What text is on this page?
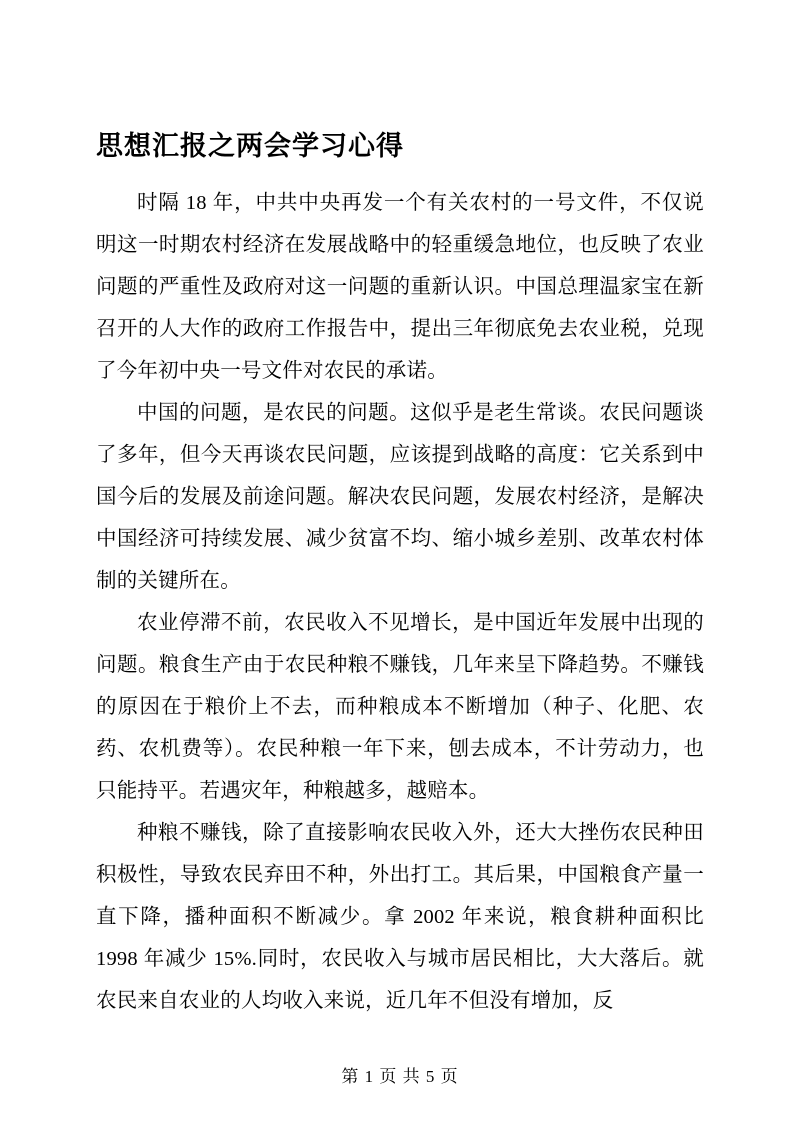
思想汇报之两会学习心得

时隔 18 年，中共中央再发一个有关农村的一号文件，不仅说明这一时期农村经济在发展战略中的轻重缓急地位，也反映了农业问题的严重性及政府对这一问题的重新认识。中国总理温家宝在新召开的人大作的政府工作报告中，提出三年彻底免去农业税，兑现了今年初中央一号文件对农民的承诺。

中国的问题，是农民的问题。这似乎是老生常谈。农民问题谈了多年，但今天再谈农民问题，应该提到战略的高度：它关系到中国今后的发展及前途问题。解决农民问题，发展农村经济，是解决中国经济可持续发展、减少贫富不均、缩小城乡差别、改革农村体制的关键所在。

农业停滞不前，农民收入不见增长，是中国近年发展中出现的问题。粮食生产由于农民种粮不赚钱，几年来呈下降趋势。不赚钱的原因在于粮价上不去，而种粮成本不断增加（种子、化肥、农药、农机费等）。农民种粮一年下来，刨去成本，不计劳动力，也只能持平。若遇灾年，种粮越多，越赔本。

种粮不赚钱，除了直接影响农民收入外，还大大挫伤农民种田积极性，导致农民弃田不种，外出打工。其后果，中国粮食产量一直下降，播种面积不断减少。拿 2002 年来说，粮食耕种面积比 1998 年减少 15%.同时，农民收入与城市居民相比，大大落后。就农民来自农业的人均收入来说，近几年不但没有增加，反

第 1 页 共 5 页
